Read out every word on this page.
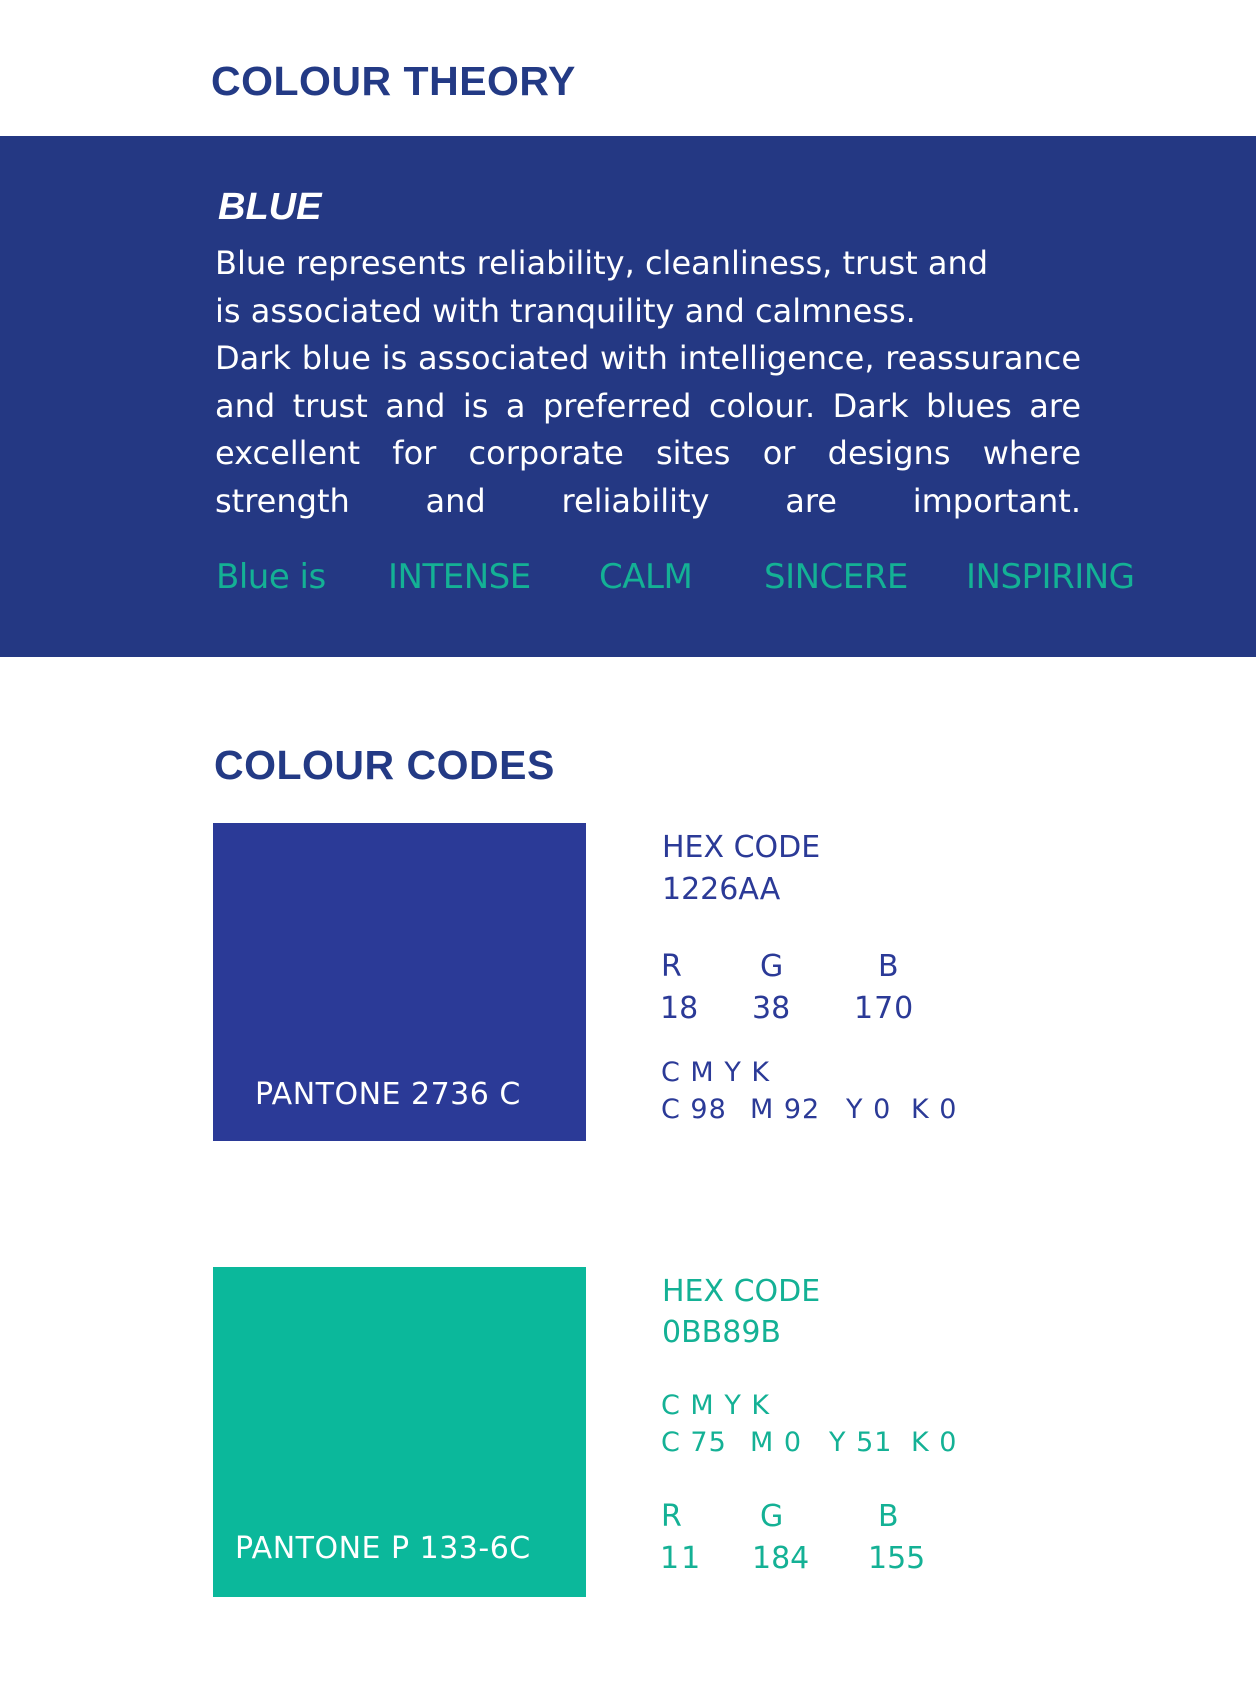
COLOUR THEORY
BLUE

Blue represents reliability, cleanliness, trust and

is associated with tranquility and calmness.

Dark blue is associated with intelligence, reassurance and trust and is a preferred colour. Dark blues are excellent for corporate sites or designs where strength and reliability are important.

Blue is INTENSE CALM SINCERE INSPIRING
COLOUR CODES
PANTONE 2736 C
HEX CODE
1226AA
R	G	B
18 38 170
C M Y K
C 98 M 92 Y 0 K 0
PANTONE P 133-6C
HEX CODE
0BB89B
C M Y K
C 75 M 0 Y 51 K 0
R	G	B
11 184 155
